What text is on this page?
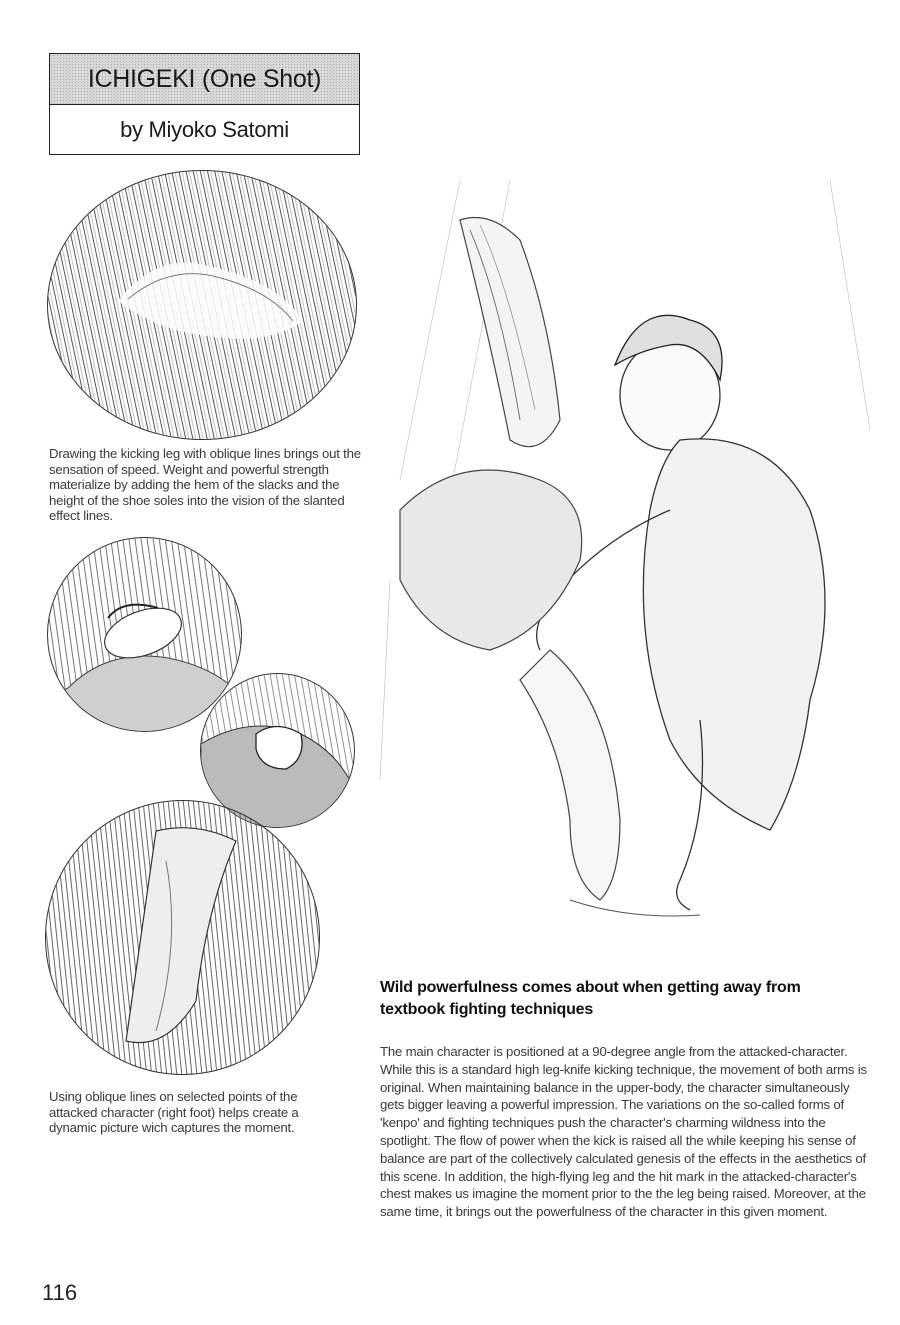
ICHIGEKI (One Shot)
by Miyoko Satomi
Drawing the kicking leg with oblique lines brings out the sensation of speed. Weight and powerful strength materialize by adding the hem of the slacks and the height of the shoe soles into the vision of the slanted effect lines.
Using oblique lines on selected points of the attacked character (right foot) helps create a dynamic picture wich captures the moment.
Wild powerfulness comes about when getting away from textbook fighting techniques
The main character is positioned at a 90-degree angle from the attacked-character. While this is a standard high leg-knife kicking technique, the movement of both arms is original. When maintaining balance in the upper-body, the character simultaneously gets bigger leaving a powerful impression. The variations on the so-called forms of 'kenpo' and fighting techniques push the character's charming wildness into the spotlight. The flow of power when the kick is raised all the while keeping his sense of balance are part of the collectively calculated genesis of the effects in the aesthetics of this scene. In addition, the high-flying leg and the hit mark in the attacked-character's chest makes us imagine the moment prior to the the leg being raised. Moreover, at the same time, it brings out the powerfulness of the character in this given moment.
116
